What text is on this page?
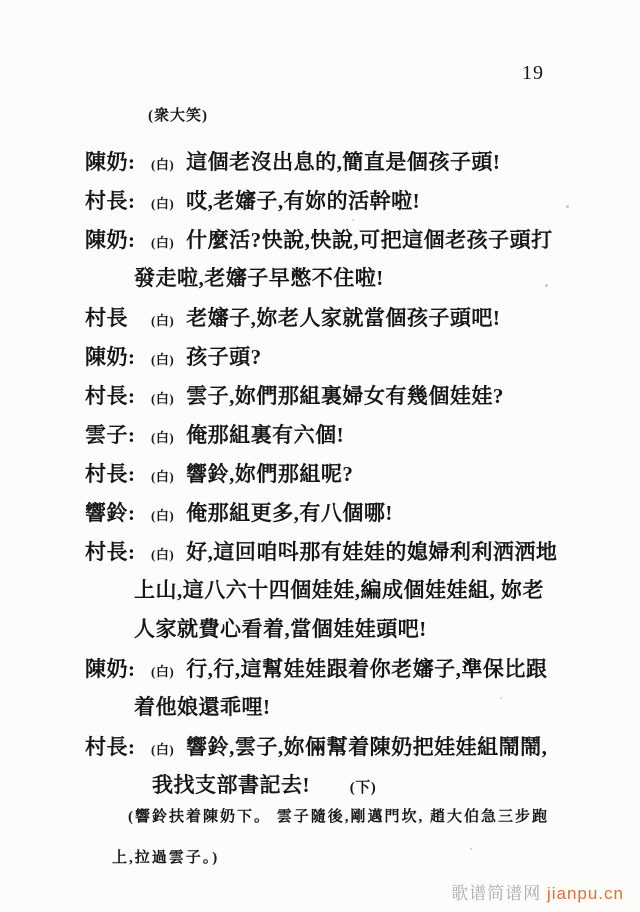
19
(衆大笑)
陳奶:	(白) 這個老沒出息的,簡直是個孩子頭!
村長:	(白) 哎,老嬸子,有妳的活幹啦!
陳奶:	(白) 什麼活?快說,快說,可把這個老孩子頭打
發走啦,老嬸子早憋不住啦!
村長	(白) 老嬸子,妳老人家就當個孩子頭吧!
陳奶:	(白) 孩子頭?
村長:	(白) 雲子,妳們那組裏婦女有幾個娃娃?
雲子:	(白) 俺那組裏有六個!
村長:	(白) 響鈴,妳們那組呢?
響鈴:	(白) 俺那組更多,有八個哪!
村長:	(白) 好,這回咱呌那有娃娃的媳婦利利洒洒地
上山,這八六十四個娃娃,編成個娃娃組, 妳老
人家就費心看着,當個娃娃頭吧!
陳奶:	(白) 行,行,這幫娃娃跟着你老嬸子,準保比跟
着他娘還乖哩!
村長:	(白) 響鈴,雲子,妳倆幫着陳奶把娃娃組鬧鬧,
我找支部書記去!	(下)
(響鈴扶着陳奶下。 雲子隨後,剛邁門坎, 趙大伯急三步跑
上,拉過雲子。)
歌谱简谱网 jianpu.cn
